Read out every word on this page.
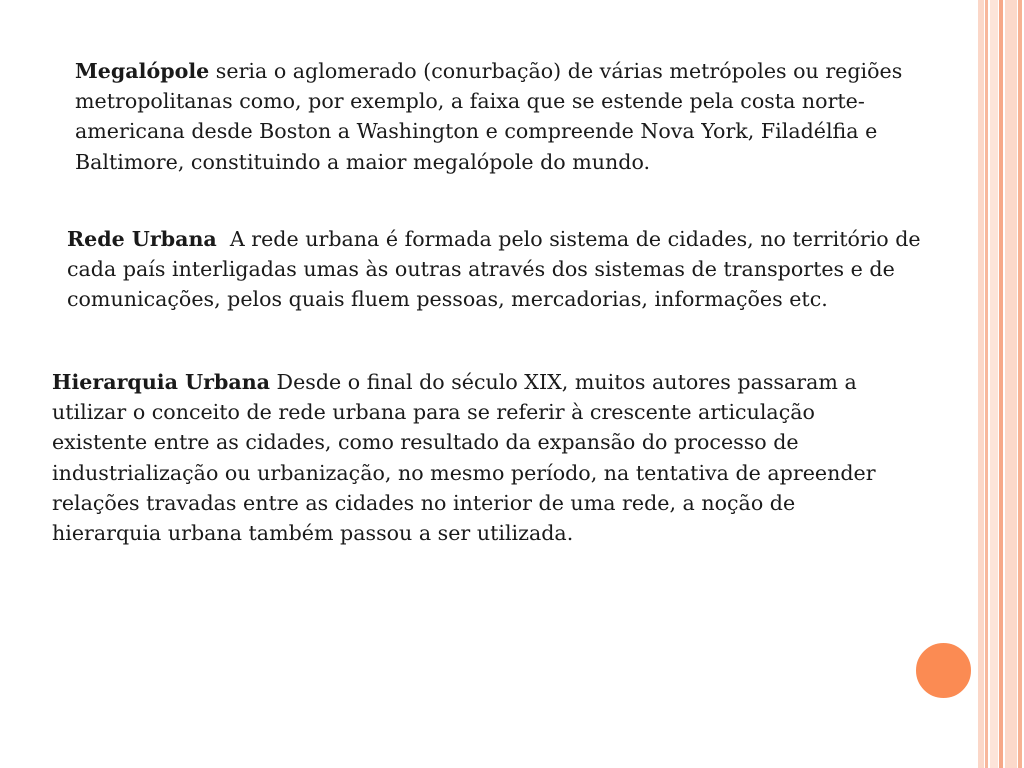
Megalópole seria o aglomerado (conurbação) de várias metrópoles ou regiões metropolitanas como, por exemplo, a faixa que se estende pela costa norte-americana desde Boston a Washington e compreende Nova York, Filadélfia e Baltimore, constituindo a maior megalópole do mundo.

Rede Urbana  A rede urbana é formada pelo sistema de cidades, no território de cada país interligadas umas às outras através dos sistemas de transportes e de comunicações, pelos quais fluem pessoas, mercadorias, informações etc.

Hierarquia Urbana Desde o final do século XIX, muitos autores passaram a utilizar o conceito de rede urbana para se referir à crescente articulação existente entre as cidades, como resultado da expansão do processo de industrialização ou urbanização, no mesmo período, na tentativa de apreender relações travadas entre as cidades no interior de uma rede, a noção de hierarquia urbana também passou a ser utilizada.
